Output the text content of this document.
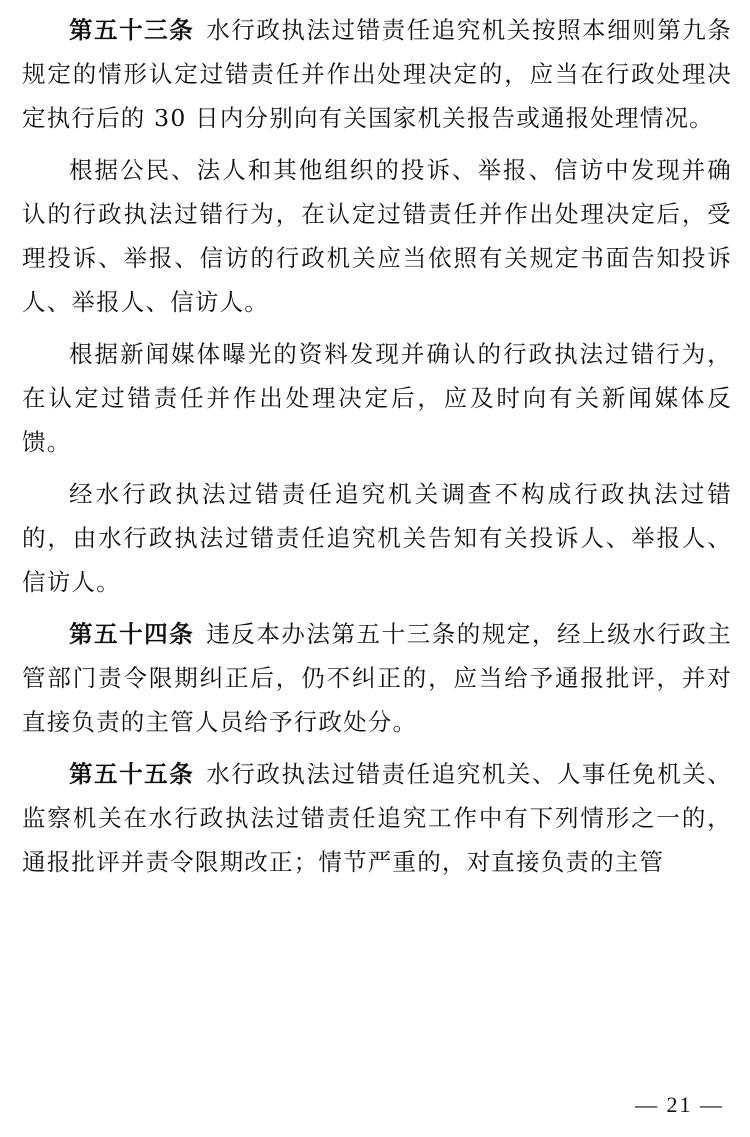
第五十三条 水行政执法过错责任追究机关按照本细则第九条规定的情形认定过错责任并作出处理决定的，应当在行政处理决定执行后的 30 日内分别向有关国家机关报告或通报处理情况。

根据公民、法人和其他组织的投诉、举报、信访中发现并确认的行政执法过错行为，在认定过错责任并作出处理决定后，受理投诉、举报、信访的行政机关应当依照有关规定书面告知投诉人、举报人、信访人。

根据新闻媒体曝光的资料发现并确认的行政执法过错行为，在认定过错责任并作出处理决定后，应及时向有关新闻媒体反馈。

经水行政执法过错责任追究机关调查不构成行政执法过错的，由水行政执法过错责任追究机关告知有关投诉人、举报人、信访人。

第五十四条 违反本办法第五十三条的规定，经上级水行政主管部门责令限期纠正后，仍不纠正的，应当给予通报批评，并对直接负责的主管人员给予行政处分。

第五十五条 水行政执法过错责任追究机关、人事任免机关、监察机关在水行政执法过错责任追究工作中有下列情形之一的，通报批评并责令限期改正；情节严重的，对直接负责的主管

— 21 —
